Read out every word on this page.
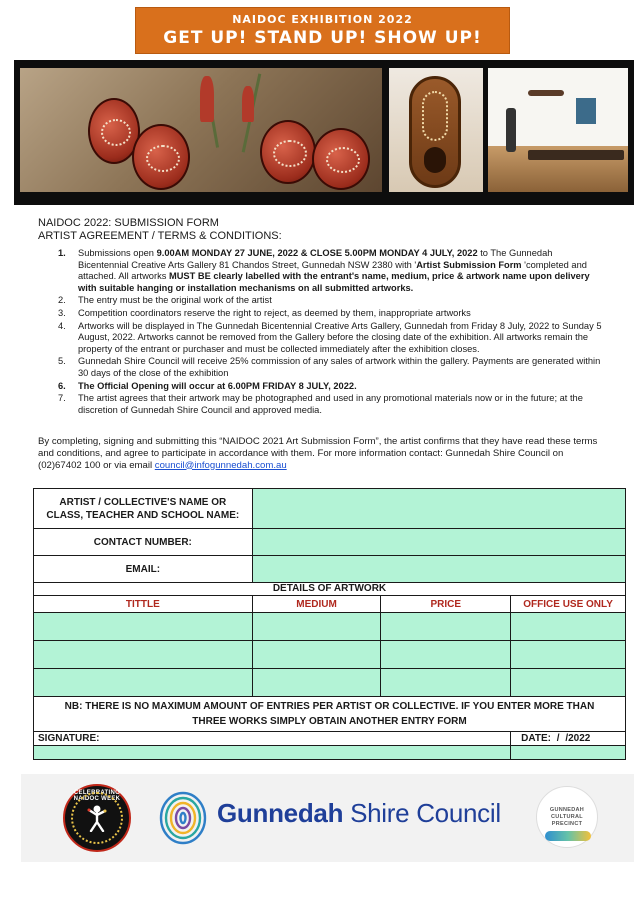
NAIDOC EXHIBITION 2022
GET UP! STAND UP! SHOW UP!
NAIDOC 2022: SUBMISSION FORM
ARTIST AGREEMENT / TERMS & CONDITIONS:
1. Submissions open 9.00AM MONDAY 27 JUNE, 2022 & CLOSE 5.00PM MONDAY 4 JULY, 2022 to The Gunnedah Bicentennial Creative Arts Gallery 81 Chandos Street, Gunnedah NSW 2380 with 'Artist Submission Form 'completed and attached. All artworks MUST BE clearly labelled with the entrant's name, medium, price & artwork name upon delivery with suitable hanging or installation mechanisms on all submitted artworks.
2. The entry must be the original work of the artist
3. Competition coordinators reserve the right to reject, as deemed by them, inappropriate artworks
4. Artworks will be displayed in The Gunnedah Bicentennial Creative Arts Gallery, Gunnedah from Friday 8 July, 2022 to Sunday 5 August, 2022. Artworks cannot be removed from the Gallery before the closing date of the exhibition. All artworks remain the property of the entrant or purchaser and must be collected immediately after the exhibition closes.
5. Gunnedah Shire Council will receive 25% commission of any sales of artwork within the gallery. Payments are generated within 30 days of the close of the exhibition
6. The Official Opening will occur at 6.00PM FRIDAY 8 JULY, 2022.
7. The artist agrees that their artwork may be photographed and used in any promotional materials now or in the future; at the discretion of Gunnedah Shire Council and approved media.
By completing, signing and submitting this “NAIDOC 2021 Art Submission Form”, the artist confirms that they have read these terms and conditions, and agree to participate in accordance with them. For more information contact: Gunnedah Shire Council on (02)67402 100 or via email council@infogunnedah.com.au
ARTIST / COLLECTIVE'S NAME OR
CLASS, TEACHER AND SCHOOL NAME:			

CONTACT NUMBER:			
EMAIL:			
DETAILS OF ARTWORK			
TITTLE	MEDIUM	PRICE	OFFICE USE ONLY

NB: THERE IS NO MAXIMUM AMOUNT OF ENTRIES PER ARTIST OR COLLECTIVE. IF YOU ENTER MORE THAN
THREE WORKS SIMPLY OBTAIN ANOTHER ENTRY FORM			

SIGNATURE:			DATE: / /2022

CELEBRATING NAIDOC WEEK	Gunnedah Shire Council	GUNNEDAH
CULTURAL
PRECINCT
